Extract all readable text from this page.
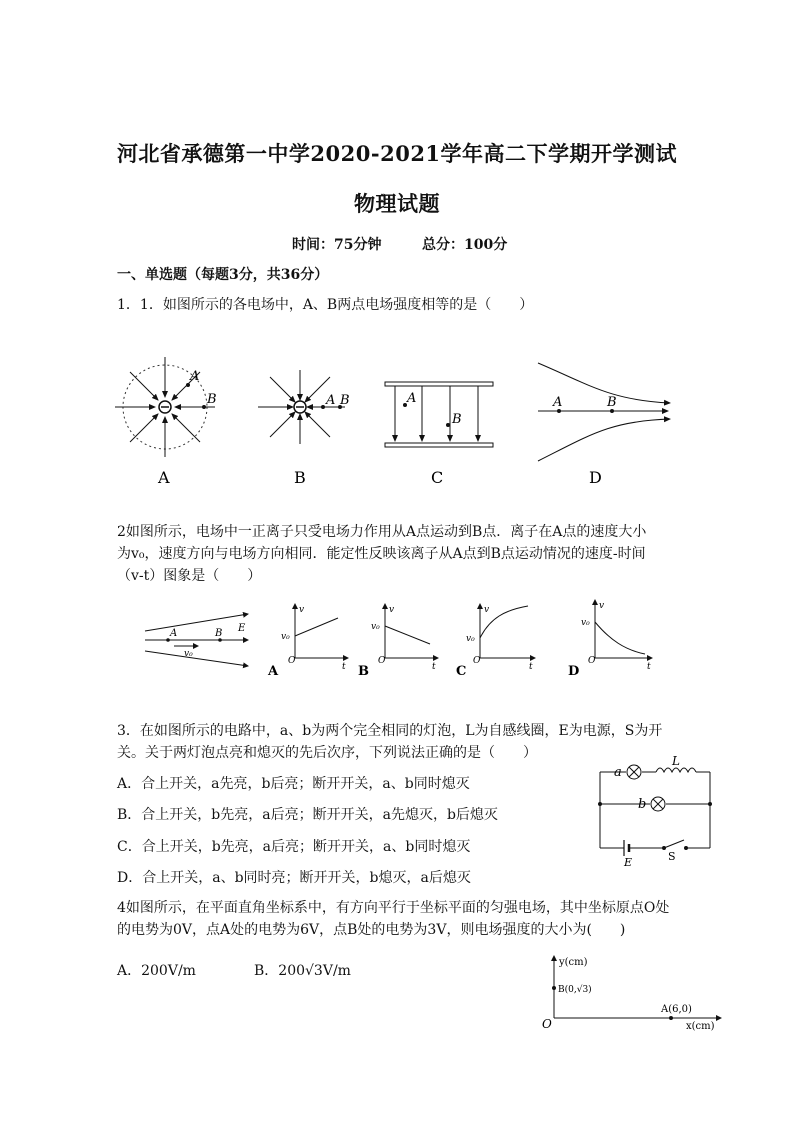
河北省承德第一中学2020-2021学年高二下学期开学测试
物理试题
时间：75分钟	总分：100分
一、单选题（每题3分，共36分）
1．1．如图所示的各电场中，A、B两点电场强度相等的是（　　）
A
B	A B	A
B
A	B
A	B	C	D
2如图所示，电场中一正离子只受电场力作用从A点运动到B点．离子在A点的速度大小
为v₀，速度方向与电场方向相同．能定性反映该离子从A点到B点运动情况的速度-时间
（v-t）图象是（　　）
A	B E
v₀
O
v
t
v₀
A
O
v
t
v₀
B
O
v
t
v₀
C
O
v
t
v₀
D
3．在如图所示的电路中，a、b为两个完全相同的灯泡，L为自感线圈，E为电源，S为开
关。关于两灯泡点亮和熄灭的先后次序，下列说法正确的是（　　）
A．合上开关，a先亮，b后亮；断开开关，a、b同时熄灭
B．合上开关，b先亮，a后亮；断开开关，a先熄灭，b后熄灭
C．合上开关，b先亮，a后亮；断开开关，a、b同时熄灭
D．合上开关，a、b同时亮；断开开关，b熄灭，a后熄灭
a
L
b
E	S
4如图所示，在平面直角坐标系中，有方向平行于坐标平面的匀强电场，其中坐标原点O处
的电势为0V，点A处的电势为6V，点B处的电势为3V，则电场强度的大小为(　　)
A．200V/m	B．200√3V/m
y(cm)
x(cm)
O
B(0,√3)
A(6,0)
